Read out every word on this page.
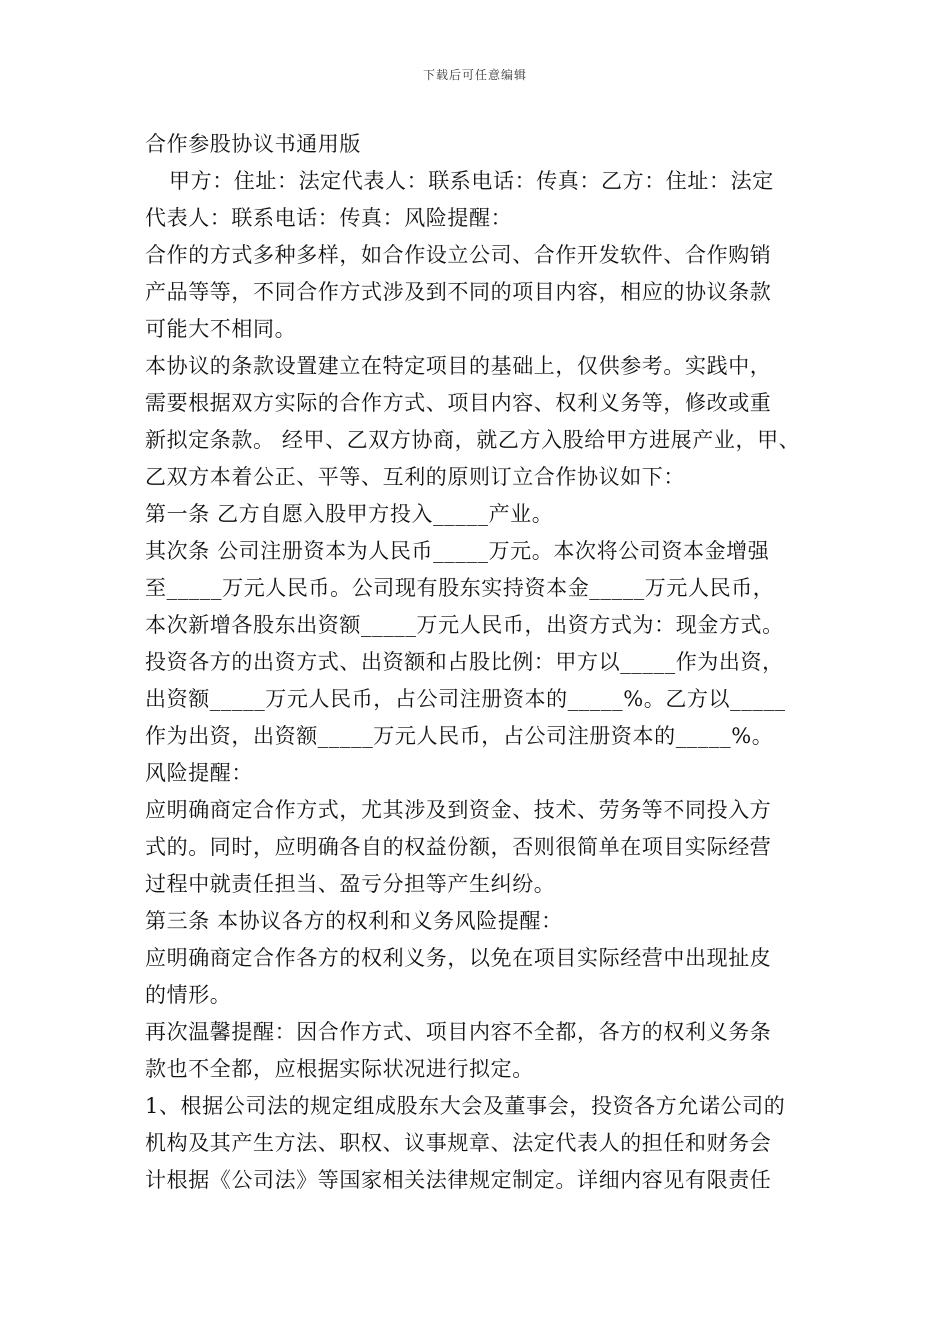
下载后可任意编辑
合作参股协议书通用版
甲方：住址：法定代表人：联系电话：传真：乙方：住址：法定
代表人：联系电话：传真：风险提醒：
合作的方式多种多样，如合作设立公司、合作开发软件、合作购销
产品等等，不同合作方式涉及到不同的项目内容，相应的协议条款
可能大不相同。
本协议的条款设置建立在特定项目的基础上，仅供参考。实践中，
需要根据双方实际的合作方式、项目内容、权利义务等，修改或重
新拟定条款。 经甲、乙双方协商，就乙方入股给甲方进展产业，甲、
乙双方本着公正、平等、互利的原则订立合作协议如下：
第一条 乙方自愿入股甲方投入_____产业。
其次条 公司注册资本为人民币_____万元。本次将公司资本金增强
至_____万元人民币。公司现有股东实持资本金_____万元人民币，
本次新增各股东出资额_____万元人民币，出资方式为：现金方式。
投资各方的出资方式、出资额和占股比例：甲方以_____作为出资，
出资额_____万元人民币，占公司注册资本的_____%。乙方以_____
作为出资，出资额_____万元人民币，占公司注册资本的_____%。
风险提醒：
应明确商定合作方式，尤其涉及到资金、技术、劳务等不同投入方
式的。同时，应明确各自的权益份额，否则很简单在项目实际经营
过程中就责任担当、盈亏分担等产生纠纷。
第三条 本协议各方的权利和义务风险提醒：
应明确商定合作各方的权利义务，以免在项目实际经营中出现扯皮
的情形。
再次温馨提醒：因合作方式、项目内容不全都，各方的权利义务条
款也不全都，应根据实际状况进行拟定。
1、根据公司法的规定组成股东大会及董事会，投资各方允诺公司的
机构及其产生方法、职权、议事规章、法定代表人的担任和财务会
计根据《公司法》等国家相关法律规定制定。详细内容见有限责任
